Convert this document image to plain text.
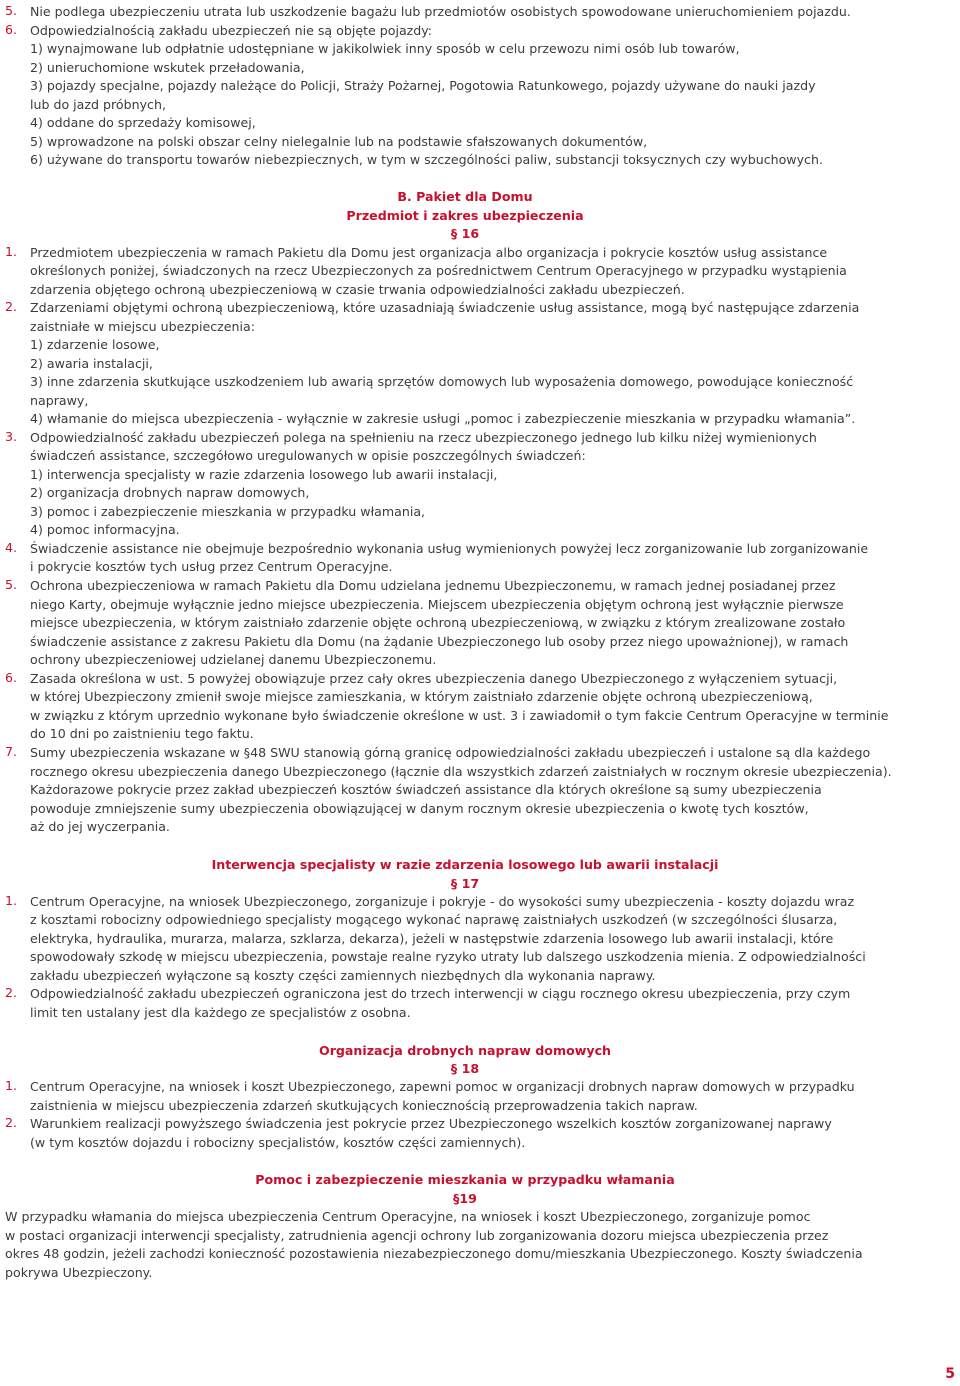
5. Nie podlega ubezpieczeniu utrata lub uszkodzenie bagażu lub przedmiotów osobistych spowodowane unieruchomieniem pojazdu.
6. Odpowiedzialnością zakładu ubezpieczeń nie są objęte pojazdy:
1) wynajmowane lub odpłatnie udostępniane w jakikolwiek inny sposób w celu przewozu nimi osób lub towarów,
2) unieruchomione wskutek przeładowania,
3) pojazdy specjalne, pojazdy należące do Policji, Straży Pożarnej, Pogotowia Ratunkowego, pojazdy używane do nauki jazdy
lub do jazd próbnych,
4) oddane do sprzedaży komisowej,
5) wprowadzone na polski obszar celny nielegalnie lub na podstawie sfałszowanych dokumentów,
6) używane do transportu towarów niebezpiecznych, w tym w szczególności paliw, substancji toksycznych czy wybuchowych.
1. Przedmiotem ubezpieczenia w ramach Pakietu dla Domu jest organizacja albo organizacja i pokrycie kosztów usług assistance
określonych poniżej, świadczonych na rzecz Ubezpieczonych za pośrednictwem Centrum Operacyjnego w przypadku wystąpienia
zdarzenia objętego ochroną ubezpieczeniową w czasie trwania odpowiedzialności zakładu ubezpieczeń.
2. Zdarzeniami objętymi ochroną ubezpieczeniową, które uzasadniają świadczenie usług assistance, mogą być następujące zdarzenia
zaistniałe w miejscu ubezpieczenia:
1) zdarzenie losowe,
2) awaria instalacji,
3) inne zdarzenia skutkujące uszkodzeniem lub awarią sprzętów domowych lub wyposażenia domowego, powodujące konieczność
naprawy,
4) włamanie do miejsca ubezpieczenia - wyłącznie w zakresie usługi „pomoc i zabezpieczenie mieszkania w przypadku włamania”.
3. Odpowiedzialność zakładu ubezpieczeń polega na spełnieniu na rzecz ubezpieczonego jednego lub kilku niżej wymienionych
świadczeń assistance, szczegółowo uregulowanych w opisie poszczególnych świadczeń:
1) interwencja specjalisty w razie zdarzenia losowego lub awarii instalacji,
2) organizacja drobnych napraw domowych,
3) pomoc i zabezpieczenie mieszkania w przypadku włamania,
4) pomoc informacyjna.
4. Świadczenie assistance nie obejmuje bezpośrednio wykonania usług wymienionych powyżej lecz zorganizowanie lub zorganizowanie
i pokrycie kosztów tych usług przez Centrum Operacyjne.
5. Ochrona ubezpieczeniowa w ramach Pakietu dla Domu udzielana jednemu Ubezpieczonemu, w ramach jednej posiadanej przez
niego Karty, obejmuje wyłącznie jedno miejsce ubezpieczenia. Miejscem ubezpieczenia objętym ochroną jest wyłącznie pierwsze
miejsce ubezpieczenia, w którym zaistniało zdarzenie objęte ochroną ubezpieczeniową, w związku z którym zrealizowane zostało
świadczenie assistance z zakresu Pakietu dla Domu (na żądanie Ubezpieczonego lub osoby przez niego upoważnionej), w ramach
ochrony ubezpieczeniowej udzielanej danemu Ubezpieczonemu.
6. Zasada określona w ust. 5 powyżej obowiązuje przez cały okres ubezpieczenia danego Ubezpieczonego z wyłączeniem sytuacji,
w której Ubezpieczony zmienił swoje miejsce zamieszkania, w którym zaistniało zdarzenie objęte ochroną ubezpieczeniową,
w związku z którym uprzednio wykonane było świadczenie określone w ust. 3 i zawiadomił o tym fakcie Centrum Operacyjne w terminie
do 10 dni po zaistnieniu tego faktu.
7. Sumy ubezpieczenia wskazane w §48 SWU stanowią górną granicę odpowiedzialności zakładu ubezpieczeń i ustalone są dla każdego
rocznego okresu ubezpieczenia danego Ubezpieczonego (łącznie dla wszystkich zdarzeń zaistniałych w rocznym okresie ubezpieczenia).
Każdorazowe pokrycie przez zakład ubezpieczeń kosztów świadczeń assistance dla których określone są sumy ubezpieczenia
powoduje zmniejszenie sumy ubezpieczenia obowiązującej w danym rocznym okresie ubezpieczenia o kwotę tych kosztów,
aż do jej wyczerpania.
1. Centrum Operacyjne, na wniosek Ubezpieczonego, zorganizuje i pokryje - do wysokości sumy ubezpieczenia - koszty dojazdu wraz
z kosztami robocizny odpowiedniego specjalisty mogącego wykonać naprawę zaistniałych uszkodzeń (w szczególności ślusarza,
elektryka, hydraulika, murarza, malarza, szklarza, dekarza), jeżeli w następstwie zdarzenia losowego lub awarii instalacji, które
spowodowały szkodę w miejscu ubezpieczenia, powstaje realne ryzyko utraty lub dalszego uszkodzenia mienia. Z odpowiedzialności
zakładu ubezpieczeń wyłączone są koszty części zamiennych niezbędnych dla wykonania naprawy.
2. Odpowiedzialność zakładu ubezpieczeń ograniczona jest do trzech interwencji w ciągu rocznego okresu ubezpieczenia, przy czym
limit ten ustalany jest dla każdego ze specjalistów z osobna.
1. Centrum Operacyjne, na wniosek i koszt Ubezpieczonego, zapewni pomoc w organizacji drobnych napraw domowych w przypadku
zaistnienia w miejscu ubezpieczenia zdarzeń skutkujących koniecznością przeprowadzenia takich napraw.
2. Warunkiem realizacji powyższego świadczenia jest pokrycie przez Ubezpieczonego wszelkich kosztów zorganizowanej naprawy
(w tym kosztów dojazdu i robocizny specjalistów, kosztów części zamiennych).
W przypadku włamania do miejsca ubezpieczenia Centrum Operacyjne, na wniosek i koszt Ubezpieczonego, zorganizuje pomoc
w postaci organizacji interwencji specjalisty, zatrudnienia agencji ochrony lub zorganizowania dozoru miejsca ubezpieczenia przez
okres 48 godzin, jeżeli zachodzi konieczność pozostawienia niezabezpieczonego domu/mieszkania Ubezpieczonego. Koszty świadczenia
pokrywa Ubezpieczony.
B. Pakiet dla Domu
Przedmiot i zakres ubezpieczenia
§ 16
Interwencja specjalisty w razie zdarzenia losowego lub awarii instalacji
§ 17
Organizacja drobnych napraw domowych
§ 18
Pomoc i zabezpieczenie mieszkania w przypadku włamania
§19
5
